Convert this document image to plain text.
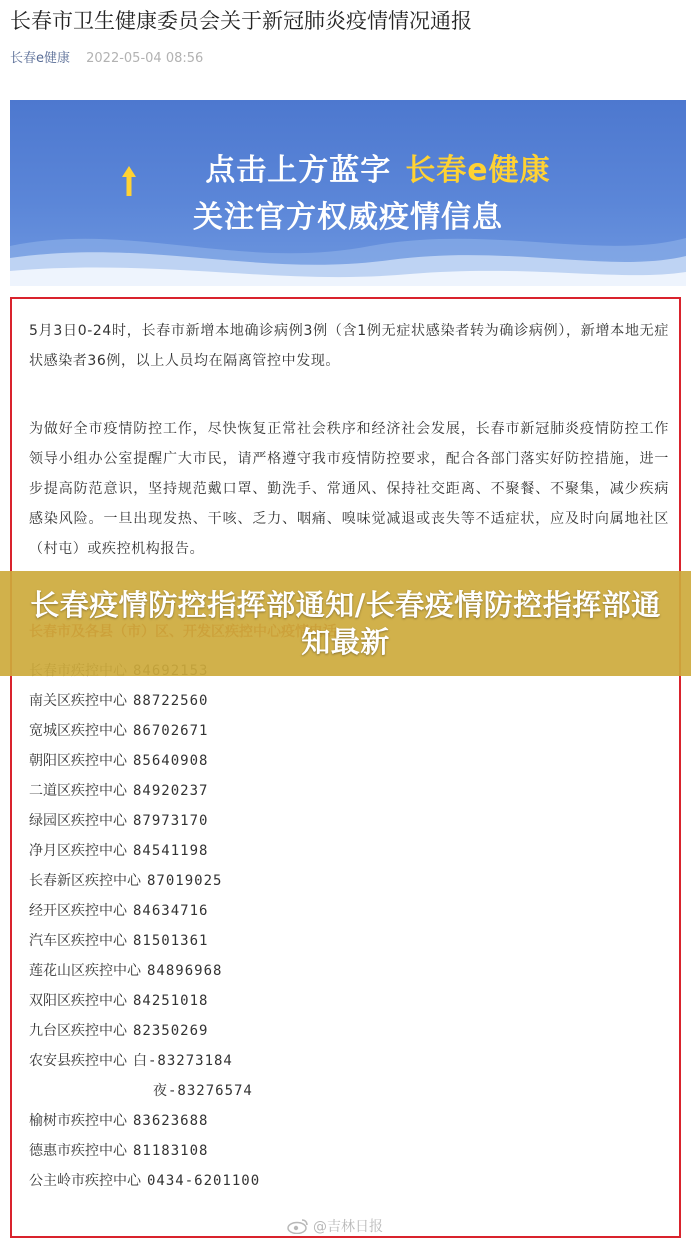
长春市卫生健康委员会关于新冠肺炎疫情情况通报
长春e健康 2022-05-04 08:56
点击上方蓝字 长春e健康
关注官方权威疫情信息
5月3日0-24时，长春市新增本地确诊病例3例（含1例无症状感染者转为确诊病例），新增本地无症状感染者36例，以上人员均在隔离管控中发现。
为做好全市疫情防控工作，尽快恢复正常社会秩序和经济社会发展，长春市新冠肺炎疫情防控工作领导小组办公室提醒广大市民，请严格遵守我市疫情防控要求，配合各部门落实好防控措施，进一步提高防范意识，坚持规范戴口罩、勤洗手、常通风、保持社交距离、不聚餐、不聚集，减少疾病感染风险。一旦出现发热、干咳、乏力、咽痛、嗅味觉减退或丧失等不适症状，应及时向属地社区（村屯）或疾控机构报告。
南关区疾控中心 88722560
宽城区疾控中心 86702671
朝阳区疾控中心 85640908
二道区疾控中心 84920237
绿园区疾控中心 87973170
净月区疾控中心 84541198
长春新区疾控中心 87019025
经开区疾控中心 84634716
汽车区疾控中心 81501361
莲花山区疾控中心 84896968
双阳区疾控中心 84251018
九台区疾控中心 82350269
农安县疾控中心 白-83273184
夜-83276574
榆树市疾控中心 83623688
德惠市疾控中心 81183108
公主岭市疾控中心 0434-6201100
长春疫情防控指挥部通知/长春疫情防控指挥部通知最新
@吉林日报
